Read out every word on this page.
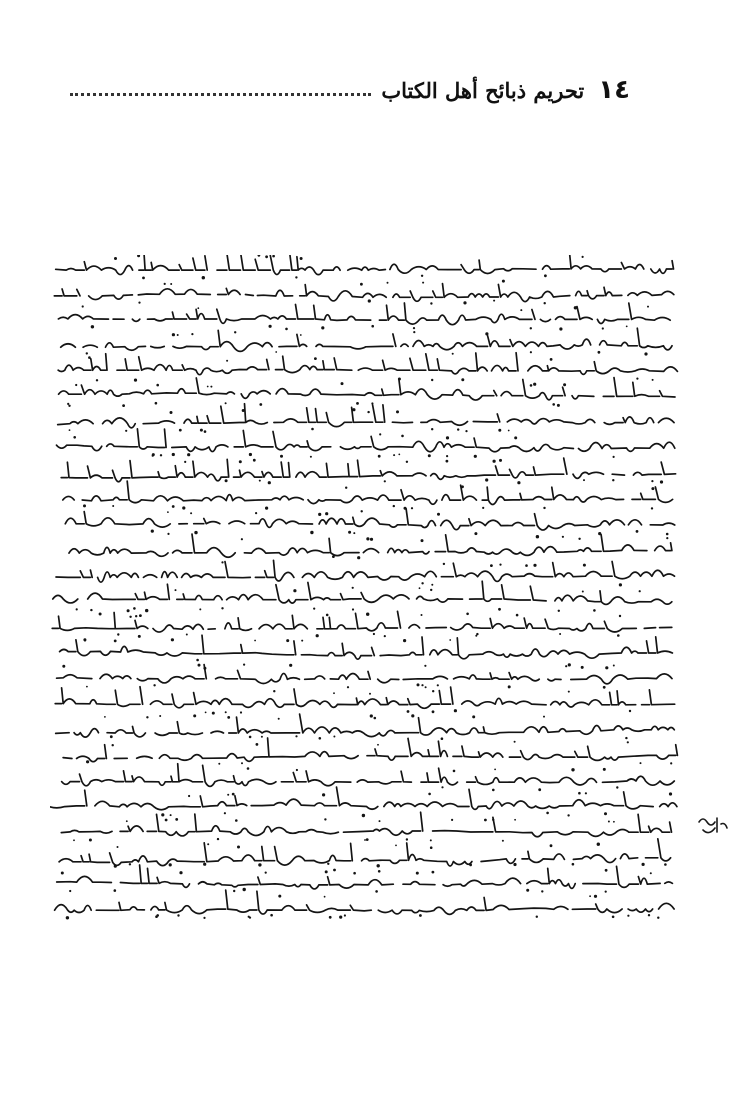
١٤
تحريم ذبائح أهل الكتاب
